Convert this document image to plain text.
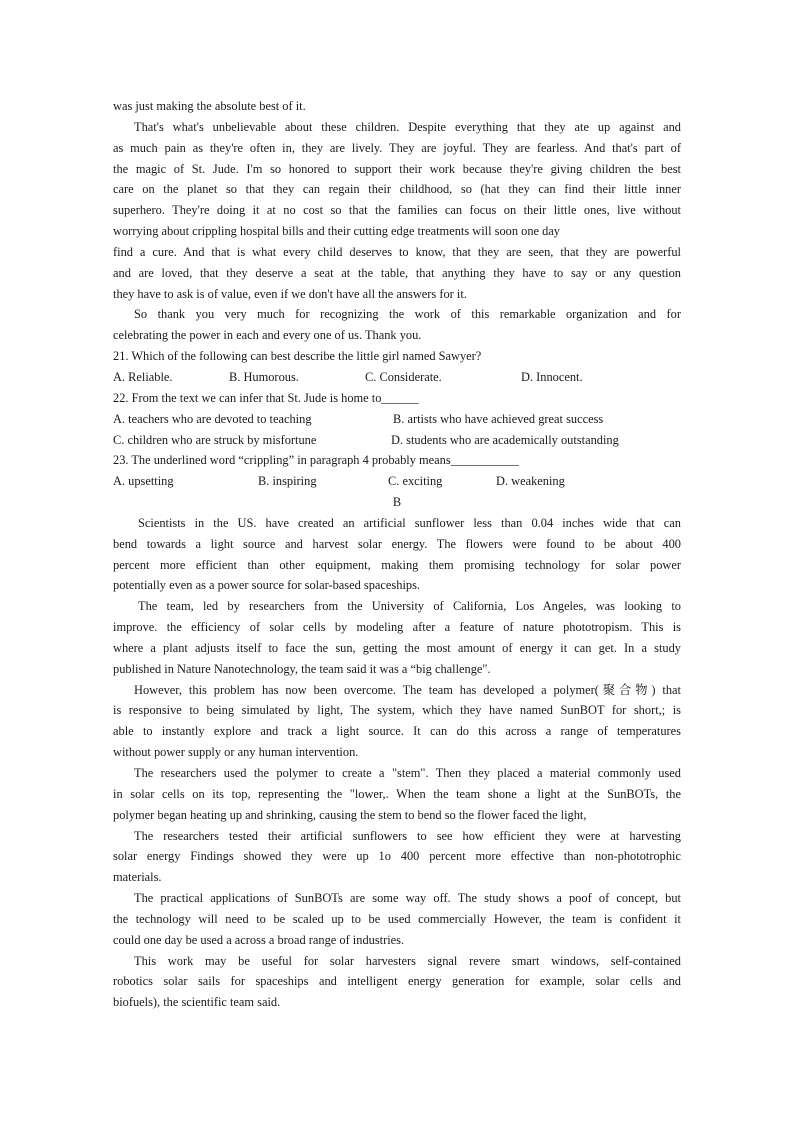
was just making the absolute best of it.
That's what's unbelievable about these children. Despite everything that they ate up against and
as much pain as they're often in, they are lively. They are joyful. They are fearless. And that's part of
the magic of St. Jude. I'm so honored to support their work because they're giving children the best
care on the planet so that they can regain their childhood, so (hat they can find their little inner
superhero. They're doing it at no cost so that the families can focus on their little ones, live without
worrying about crippling hospital bills and their cutting edge treatments will soon one day
find a cure. And that is what every child deserves to know, that they are seen, that they are powerful
and are loved, that they deserve a seat at the table, that anything they have to say or any question
they have to ask is of value, even if we don't have all the answers for it.
So thank you very much for recognizing the work of this remarkable organization and for
celebrating the power in each and every one of us. Thank you.
21. Which of the following can best describe the little girl named Sawyer?
A. Reliable.	B. Humorous.	C. Considerate.	D. Innocent.
22. From the text we can infer that St. Jude is home to______
A. teachers who are devoted to teaching	B. artists who have achieved great success
C. children who are struck by misfortune	D. students who are academically outstanding
23. The underlined word “crippling” in paragraph 4 probably means___________
A. upsetting	B. inspiring	C. exciting	D. weakening
B
Scientists in the US. have created an artificial sunflower less than 0.04 inches wide that can
bend towards a light source and harvest solar energy. The flowers were found to be about 400
percent more efficient than other equipment, making them promising technology for solar power
potentially even as a power source for solar-based spaceships.
The team, led by researchers from the University of California, Los Angeles, was looking to
improve. the efficiency of solar cells by modeling after a feature of nature phototropism. This is
where a plant adjusts itself to face the sun, getting the most amount of energy it can get. In a study
published in Nature Nanotechnology, the team said it was a “big challenge".
However, this problem has now been overcome. The team has developed a polymer(聚合物) that
is responsive to being simulated by light, The system, which they have named SunBOT for short,; is
able to instantly explore and track a light source. It can do this across a range of temperatures
without power supply or any human intervention.
The researchers used the polymer to create a "stem". Then they placed a material commonly used
in solar cells on its top, representing the "lower,. When the team shone a light at the SunBOTs, the
polymer began heating up and shrinking, causing the stem to bend so the flower faced the light,
The researchers tested their artificial sunflowers to see how efficient they were at harvesting
solar energy Findings showed they were up 1o 400 percent more effective than non-phototrophic
materials.
The practical applications of SunBOTs are some way off. The study shows a poof of concept, but
the technology will need to be scaled up to be used commercially However, the team is confident it
could one day be used a across a broad range of industries.
This work may be useful for solar harvesters signal revere smart windows, self-contained
robotics solar sails for spaceships and intelligent energy generation for example, solar cells and
biofuels), the scientific team said.
